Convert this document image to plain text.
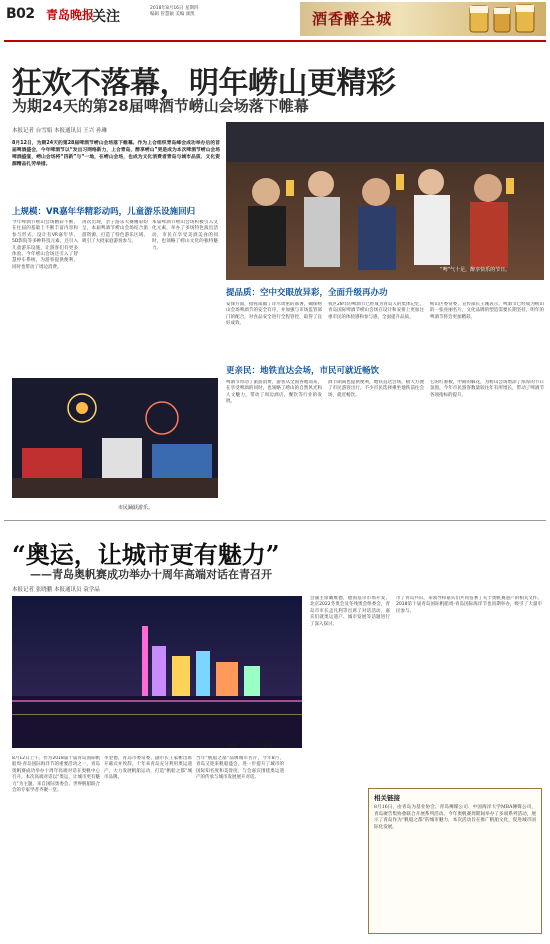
B02 青岛晚报
关注
2018年8月16日 星期四
编辑 管慧颖 美编 颜凯	酒香醉全城
狂欢不落幕，明年崂山更精彩
为期24天的第28届啤酒节崂山会场落下帷幕
本报记者 台雪娟 本报通讯员 王兴 孙琳
8月12日，为期24天的第28届啤酒节崂山会场落下帷幕。作为上合组织青岛峰会成功举办后的首届啤酒盛会，今年啤酒节以“发出习网络新力，上合青岛，醉享崂山”更是成为本次啤酒节崂山会场啤酒盛宴，崂山会场将“四新”与“一地，在崂山会场，也成为文化消费者青岛与城市品质、文化资源精品扎劳举措。
“啤”气十足，醉享快乐的节日。
上规模：VR嘉年华精彩动吗，儿童游乐设施回归
今年啤酒节崂山会场精彩不断，在往届的基础上不断丰富内容和参与形式，设计有VR嘉年华、5D影院等多种科技元素，还引入儿童游乐设施，让游客们有更多体验。今年崂山会场还引入了智慧停车系统，为游客提供便利，同时也带动了周边消费。
再次出现，亲子游乐大赛精彩纷呈，本届啤酒节崂山会场结合旅游资源，打造了特色游乐区域，吸引了大批家庭游客参与。
本届啤酒节崂山会场积极引入文化元素，举办了多场特色演出活动，市民在享受美酒美食的同时，也领略了崂山文化的独特魅力。
市民踊跃游乐。
提品质：空中交眼放异彩，全面升级再办功
安保方面，指挥部做了详尽周密的部署，确保崂山会场啤酒节的安全有序，并加强与市场监管部门的配合，对食品安全进行全程管控，取得了良好成效。
我区28年的啤酒节已经成为青岛人的集体记忆，青岛国际啤酒节崂山会场在设计和安排上更加注重市民的体验感和参与感，全面提升品质。
崂山区委常委、宣传部长王刚表示，啤酒节已经成为崂山的一张亮丽名片，文化品牌的塑造需要长期坚持，明年的啤酒节将会更加精彩。
更亲民：地铁直达会场，市民可就近畅饮
啤酒节带动了旅游消费，游客从全国各地而来，在享受啤酒的同时，也领略了崂山的自然风光和人文魅力，带动了周边酒店、餐饮等行业的发展。
酒节期间也提供便利，地铁直达会场，极大方便了市民游客出行，不少市民选择乘坐地铁前往会场，就近畅饮。
它的红番板，中期的解花，为崂山会场增添了浓厚的节日氛围，今年市民游客数量较往年有所增长，带动了啤酒节各项指标的提升。
“奥运，让城市更有魅力”
——青岛奥帆赛成功举办十周年高端对话在青召开
本报记者 张晓鹏 本报通讯员 袁学晶
奥帆，让青岛更有魅力。
会副主席戴维德，德国基尔市场开发，北京2022冬奥会及冬残奥会组委会，青岛市市长孟凡利等出席了对话活动，嘉宾们就奥运遗产、城市发展等话题进行了深入探讨。
市了青岛共识，来领导和嘉宾们共同签署了关于奥帆赛遗产的相关文件。2018第十届青岛国际帆船周·青岛国际海洋节也同期举办，吸引了大量市民参与。
8月12日上午，作为2018届十届青岛国际帆船周·青岛国际海洋节的重要活动之一，青岛奥帆赛成功举办十周年高端对话在奥帆中心召开。本次高端对话以“奥运，让城市更有魅力”为主题，来自国际奥委会、世界帆船联合会的专家学者齐聚一堂。
李金德，青岛市委常委、副市长王家彬出席开幕式并致辞。十年来青岛充分利用奥运遗产，大力发展帆船运动，打造“帆船之都”城市品牌。
当年“帆船之都”品牌城市名片，今年8月，青岛又迎来帆船盛会，进一步提升了城市的国际知名度和美誉度，与会嘉宾围绕奥运遗产的传承与城市发展展开对话。
相关链接
8月16日，由青岛为基业协会、青岛傳媒公司、中国海洋大学MBA傳媒公司，青岛廣告集协會联合开展系列活动。今年奥帆赛周期间举办了多项系列活动，展示了青岛作为“帆船之都”的城市魅力，本次活动旨在推广帆船文化，促进城市国际化发展。
